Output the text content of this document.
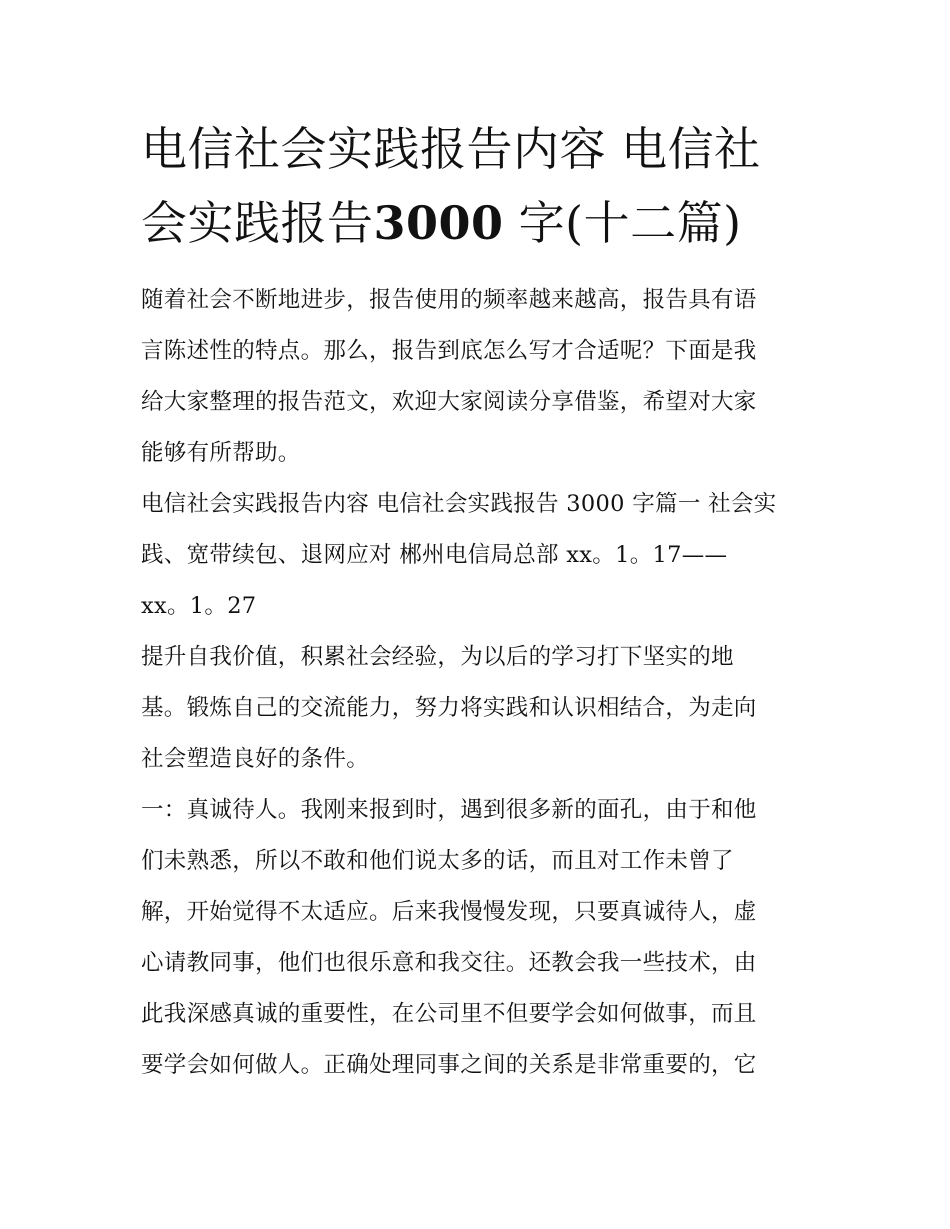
电信社会实践报告内容 电信社
会实践报告3000 字(十二篇)

随着社会不断地进步，报告使用的频率越来越高，报告具有语
言陈述性的特点。那么，报告到底怎么写才合适呢？下面是我
给大家整理的报告范文，欢迎大家阅读分享借鉴，希望对大家
能够有所帮助。

电信社会实践报告内容 电信社会实践报告 3000 字篇一 社会实
践、宽带续包、退网应对 郴州电信局总部 xx。1。17——
xx。1。27

提升自我价值，积累社会经验，为以后的学习打下坚实的地
基。锻炼自己的交流能力，努力将实践和认识相结合，为走向
社会塑造良好的条件。

一：真诚待人。我刚来报到时，遇到很多新的面孔，由于和他
们未熟悉，所以不敢和他们说太多的话，而且对工作未曾了
解，开始觉得不太适应。后来我慢慢发现，只要真诚待人，虚
心请教同事，他们也很乐意和我交往。还教会我一些技术，由
此我深感真诚的重要性，在公司里不但要学会如何做事，而且
要学会如何做人。正确处理同事之间的关系是非常重要的，它
